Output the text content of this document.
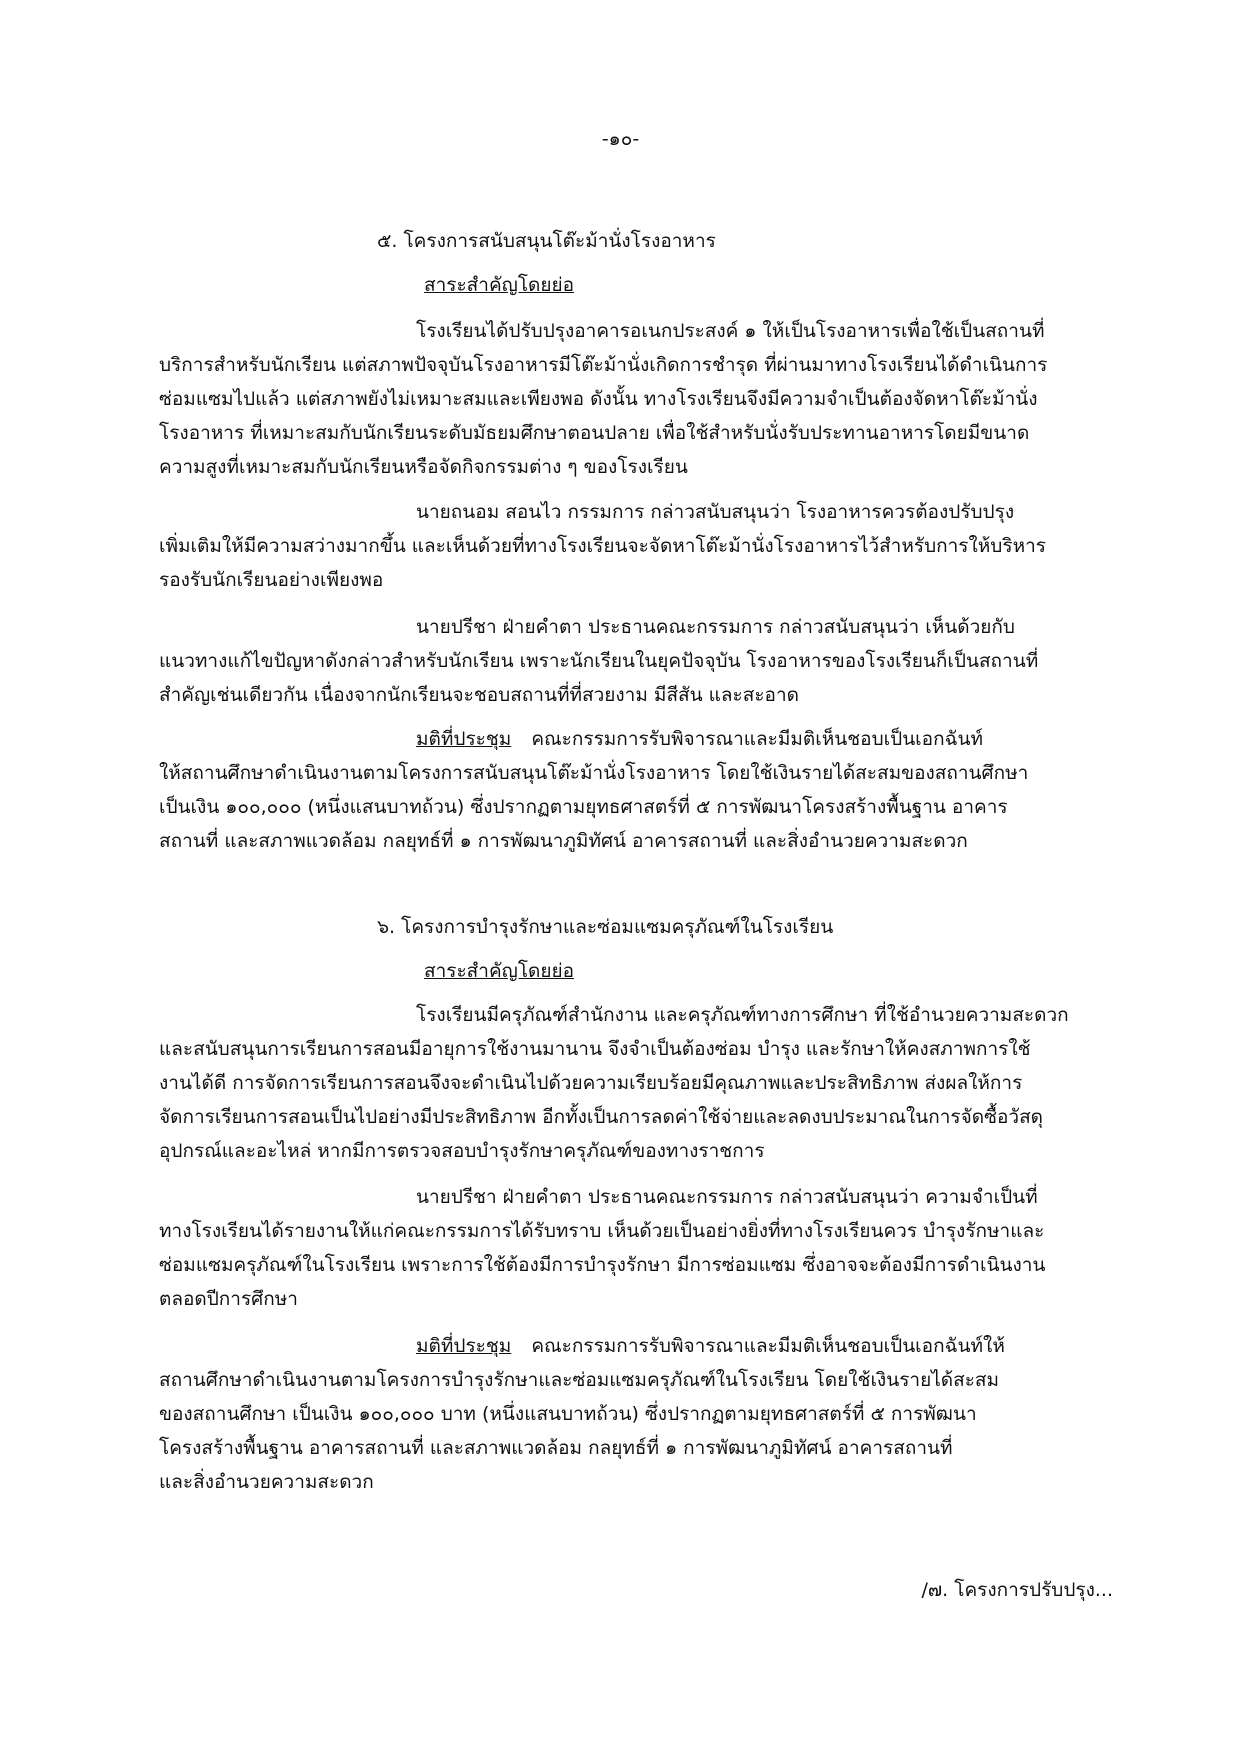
-๑๐-
๕. โครงการสนับสนุนโต๊ะม้านั่งโรงอาหาร
สาระสำคัญโดยย่อ
โรงเรียนได้ปรับปรุงอาคารอเนกประสงค์ ๑ ให้เป็นโรงอาหารเพื่อใช้เป็นสถานที่
บริการสำหรับนักเรียน แต่สภาพปัจจุบันโรงอาหารมีโต๊ะม้านั่งเกิดการชำรุด ที่ผ่านมาทางโรงเรียนได้ดำเนินการ
ซ่อมแซมไปแล้ว แต่สภาพยังไม่เหมาะสมและเพียงพอ ดังนั้น ทางโรงเรียนจึงมีความจำเป็นต้องจัดหาโต๊ะม้านั่ง
โรงอาหาร ที่เหมาะสมกับนักเรียนระดับมัธยมศึกษาตอนปลาย เพื่อใช้สำหรับนั่งรับประทานอาหารโดยมีขนาด
ความสูงที่เหมาะสมกับนักเรียนหรือจัดกิจกรรมต่าง ๆ ของโรงเรียน
นายถนอม สอนไว กรรมการ กล่าวสนับสนุนว่า โรงอาหารควรต้องปรับปรุง
เพิ่มเติมให้มีความสว่างมากขึ้น และเห็นด้วยที่ทางโรงเรียนจะจัดหาโต๊ะม้านั่งโรงอาหารไว้สำหรับการให้บริหาร
รองรับนักเรียนอย่างเพียงพอ
นายปรีชา ฝ่ายคำตา ประธานคณะกรรมการ กล่าวสนับสนุนว่า เห็นด้วยกับ
แนวทางแก้ไขปัญหาดังกล่าวสำหรับนักเรียน เพราะนักเรียนในยุคปัจจุบัน โรงอาหารของโรงเรียนก็เป็นสถานที่
สำคัญเช่นเดียวกัน เนื่องจากนักเรียนจะชอบสถานที่ที่สวยงาม มีสีสัน และสะอาด
มติที่ประชุม คณะกรรมการรับพิจารณาและมีมติเห็นชอบเป็นเอกฉันท์
ให้สถานศึกษาดำเนินงานตามโครงการสนับสนุนโต๊ะม้านั่งโรงอาหาร โดยใช้เงินรายได้สะสมของสถานศึกษา
เป็นเงิน ๑๐๐,๐๐๐ (หนึ่งแสนบาทถ้วน) ซึ่งปรากฏตามยุทธศาสตร์ที่ ๕ การพัฒนาโครงสร้างพื้นฐาน อาคาร
สถานที่ และสภาพแวดล้อม กลยุทธ์ที่ ๑ การพัฒนาภูมิทัศน์ อาคารสถานที่ และสิ่งอำนวยความสะดวก
๖. โครงการบำรุงรักษาและซ่อมแซมครุภัณฑ์ในโรงเรียน
สาระสำคัญโดยย่อ
โรงเรียนมีครุภัณฑ์สำนักงาน และครุภัณฑ์ทางการศึกษา ที่ใช้อำนวยความสะดวก
และสนับสนุนการเรียนการสอนมีอายุการใช้งานมานาน จึงจำเป็นต้องซ่อม บำรุง และรักษาให้คงสภาพการใช้
งานได้ดี การจัดการเรียนการสอนจึงจะดำเนินไปด้วยความเรียบร้อยมีคุณภาพและประสิทธิภาพ ส่งผลให้การ
จัดการเรียนการสอนเป็นไปอย่างมีประสิทธิภาพ อีกทั้งเป็นการลดค่าใช้จ่ายและลดงบประมาณในการจัดซื้อวัสดุ
อุปกรณ์และอะไหล่ หากมีการตรวจสอบบำรุงรักษาครุภัณฑ์ของทางราชการ
นายปรีชา ฝ่ายคำตา ประธานคณะกรรมการ กล่าวสนับสนุนว่า ความจำเป็นที่
ทางโรงเรียนได้รายงานให้แก่คณะกรรมการได้รับทราบ เห็นด้วยเป็นอย่างยิ่งที่ทางโรงเรียนควร บำรุงรักษาและ
ซ่อมแซมครุภัณฑ์ในโรงเรียน เพราะการใช้ต้องมีการบำรุงรักษา มีการซ่อมแซม ซึ่งอาจจะต้องมีการดำเนินงาน
ตลอดปีการศึกษา
มติที่ประชุม คณะกรรมการรับพิจารณาและมีมติเห็นชอบเป็นเอกฉันท์ให้
สถานศึกษาดำเนินงานตามโครงการบำรุงรักษาและซ่อมแซมครุภัณฑ์ในโรงเรียน โดยใช้เงินรายได้สะสม
ของสถานศึกษา เป็นเงิน ๑๐๐,๐๐๐ บาท (หนึ่งแสนบาทถ้วน) ซึ่งปรากฏตามยุทธศาสตร์ที่ ๕ การพัฒนา
โครงสร้างพื้นฐาน อาคารสถานที่ และสภาพแวดล้อม กลยุทธ์ที่ ๑ การพัฒนาภูมิทัศน์ อาคารสถานที่
และสิ่งอำนวยความสะดวก
/๗. โครงการปรับปรุง...
